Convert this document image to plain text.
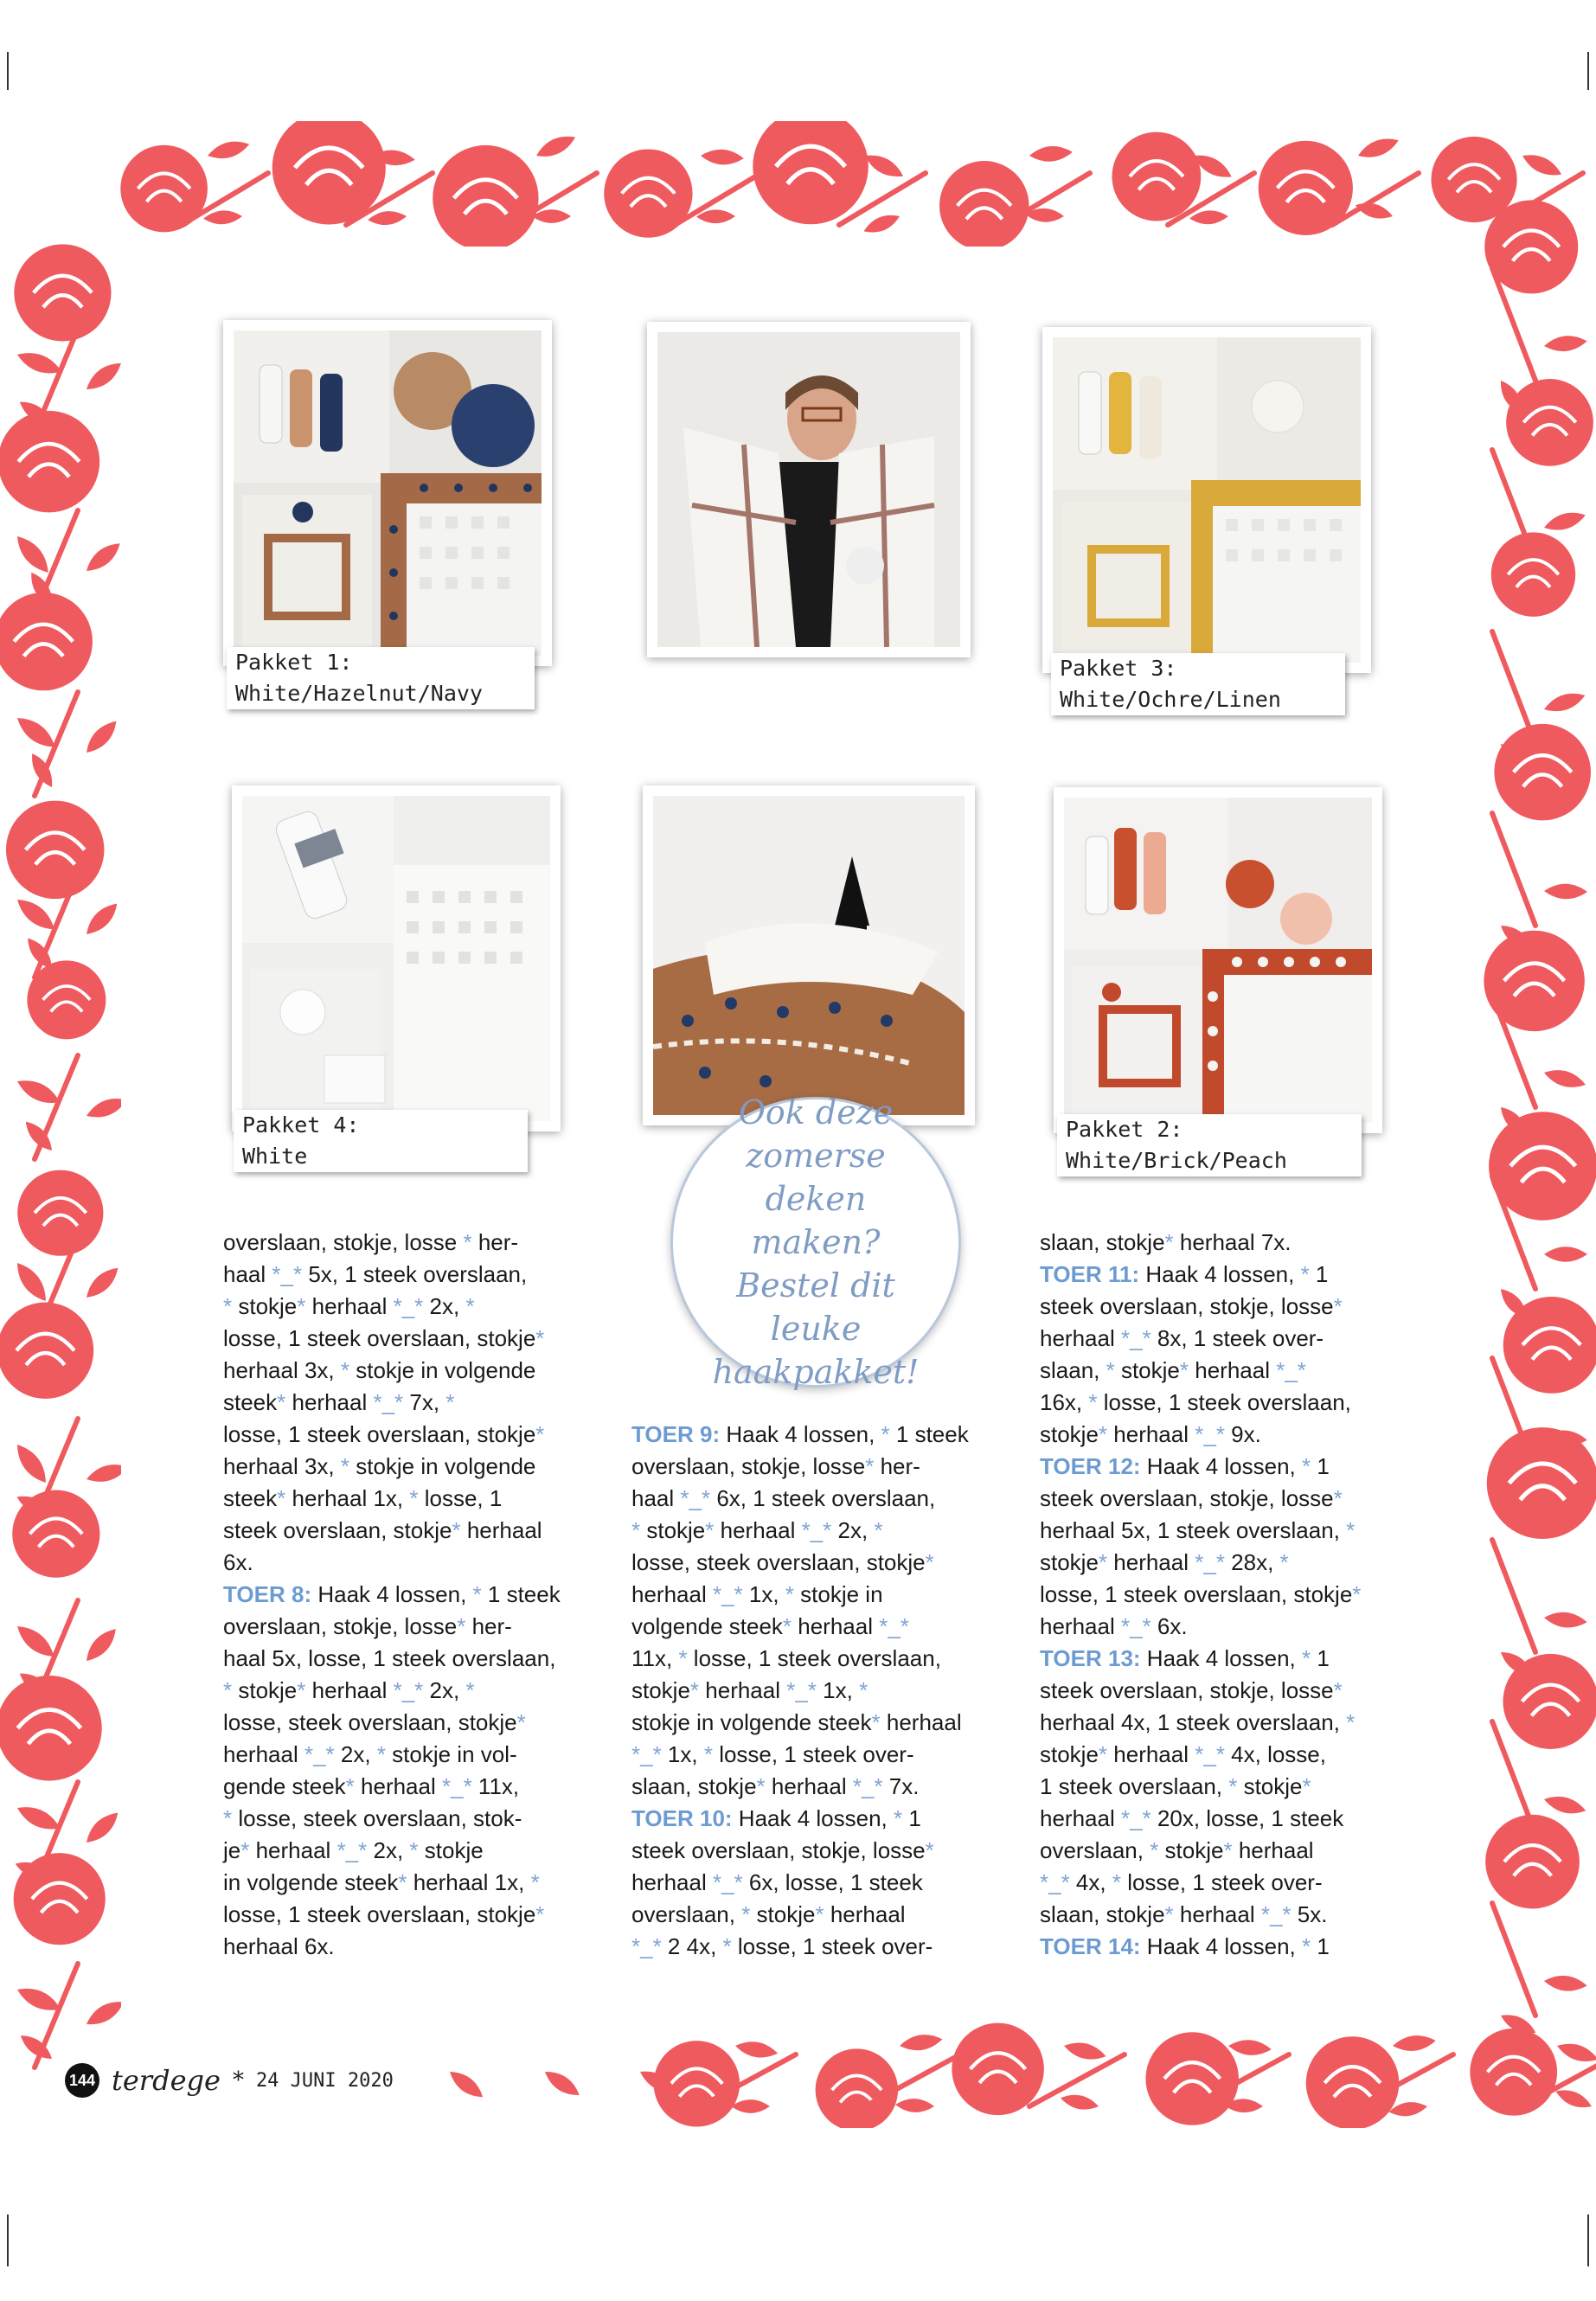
Pakket 1:
White/Hazelnut/Navy
Pakket 3:
White/Ochre/Linen
Pakket 4:
White
Pakket 2:
White/Brick/Peach
Ook deze zomerse deken maken? Bestel dit leuke haakpakket!

overslaan, stokje, losse * her-

haal *_* 5x, 1 steek overslaan,

* stokje* herhaal *_* 2x, *

losse, 1 steek overslaan, stokje*

herhaal 3x, * stokje in volgende

steek* herhaal *_* 7x, *

losse, 1 steek overslaan, stokje*

herhaal 3x, * stokje in volgende

steek* herhaal 1x, * losse, 1

steek overslaan, stokje* herhaal

6x.

TOER 8: Haak 4 lossen, * 1 steek

overslaan, stokje, losse* her-

haal 5x, losse, 1 steek overslaan,

* stokje* herhaal *_* 2x, *

losse, steek overslaan, stokje*

herhaal *_* 2x, * stokje in vol-

gende steek* herhaal *_* 11x,

* losse, steek overslaan, stok-

je* herhaal *_* 2x, * stokje

in volgende steek* herhaal 1x, *

losse, 1 steek overslaan, stokje*

herhaal 6x.

TOER 9: Haak 4 lossen, * 1 steek

overslaan, stokje, losse* her-

haal *_* 6x, 1 steek overslaan,

* stokje* herhaal *_* 2x, *

losse, steek overslaan, stokje*

herhaal *_* 1x, * stokje in

volgende steek* herhaal *_*

11x, * losse, 1 steek overslaan,

stokje* herhaal *_* 1x, *

stokje in volgende steek* herhaal

*_* 1x, * losse, 1 steek over-

slaan, stokje* herhaal *_* 7x.

TOER 10: Haak 4 lossen, * 1

steek overslaan, stokje, losse*

herhaal *_* 6x, losse, 1 steek

overslaan, * stokje* herhaal

*_* 2 4x, * losse, 1 steek over-

slaan, stokje* herhaal 7x.

TOER 11: Haak 4 lossen, * 1

steek overslaan, stokje, losse*

herhaal *_* 8x, 1 steek over-

slaan, * stokje* herhaal *_*

16x, * losse, 1 steek overslaan,

stokje* herhaal *_* 9x.

TOER 12: Haak 4 lossen, * 1

steek overslaan, stokje, losse*

herhaal 5x, 1 steek overslaan, *

stokje* herhaal *_* 28x, *

losse, 1 steek overslaan, stokje*

herhaal *_* 6x.

TOER 13: Haak 4 lossen, * 1

steek overslaan, stokje, losse*

herhaal 4x, 1 steek overslaan, *

stokje* herhaal *_* 4x, losse,

1 steek overslaan, * stokje*

herhaal *_* 20x, losse, 1 steek

overslaan, * stokje* herhaal

*_* 4x, * losse, 1 steek over-

slaan, stokje* herhaal *_* 5x.

TOER 14: Haak 4 lossen, * 1

144 terdege * 24 JUNI 2020
